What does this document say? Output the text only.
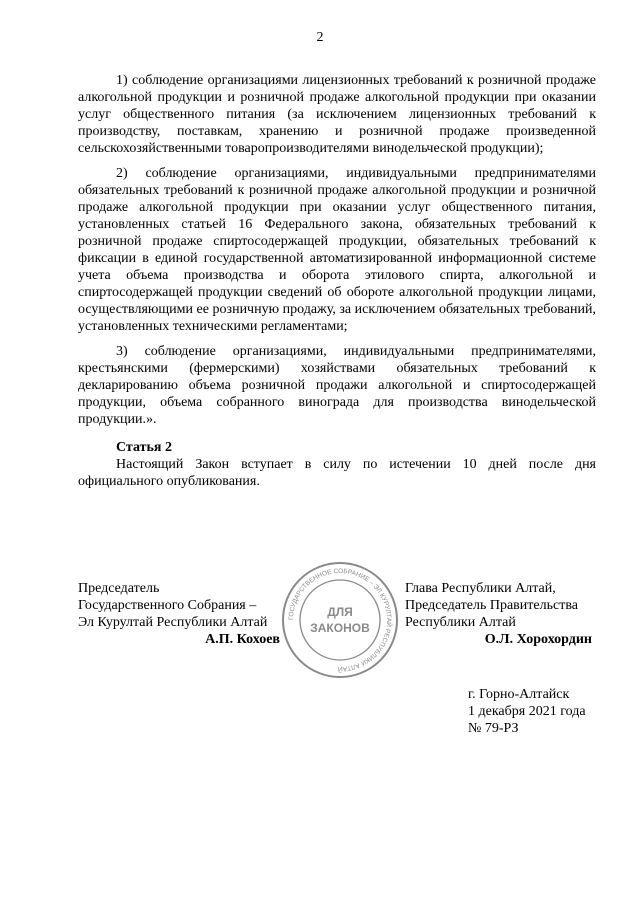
2

1) соблюдение организациями лицензионных требований к розничной продаже алкогольной продукции и розничной продаже алкогольной продукции при оказании услуг общественного питания (за исключением лицензионных требований к производству, поставкам, хранению и розничной продаже произведенной сельскохозяйственными товаропроизводителями винодельческой продукции);

2) соблюдение организациями, индивидуальными предпринимателями обязательных требований к розничной продаже алкогольной продукции и розничной продаже алкогольной продукции при оказании услуг общественного питания, установленных статьей 16 Федерального закона, обязательных требований к розничной продаже спиртосодержащей продукции, обязательных требований к фиксации в единой государственной автоматизированной информационной системе учета объема производства и оборота этилового спирта, алкогольной и спиртосодержащей продукции сведений об обороте алкогольной продукции лицами, осуществляющими ее розничную продажу, за исключением обязательных требований, установленных техническими регламентами;

3) соблюдение организациями, индивидуальными предпринимателями, крестьянскими (фермерскими) хозяйствами обязательных требований к декларированию объема розничной продажи алкогольной и спиртосодержащей продукции, объема собранного винограда для производства винодельческой продукции.».

Статья 2

Настоящий Закон вступает в силу по истечении 10 дней после дня официального опубликования.

Председатель
Государственного Собрания –
Эл Курултай Республики Алтай
А.П. Кохоев
ГОСУДАРСТВЕННОЕ СОБРАНИЕ – ЭЛ КУРУЛТАЙ РЕСПУБЛИКИ АЛТАЙ
ДЛЯ
ЗАКОНОВ
Глава Республики Алтай,
Председатель Правительства
Республики Алтай
О.Л. Хорохордин
г. Горно-Алтайск
1 декабря 2021 года
№ 79-РЗ
